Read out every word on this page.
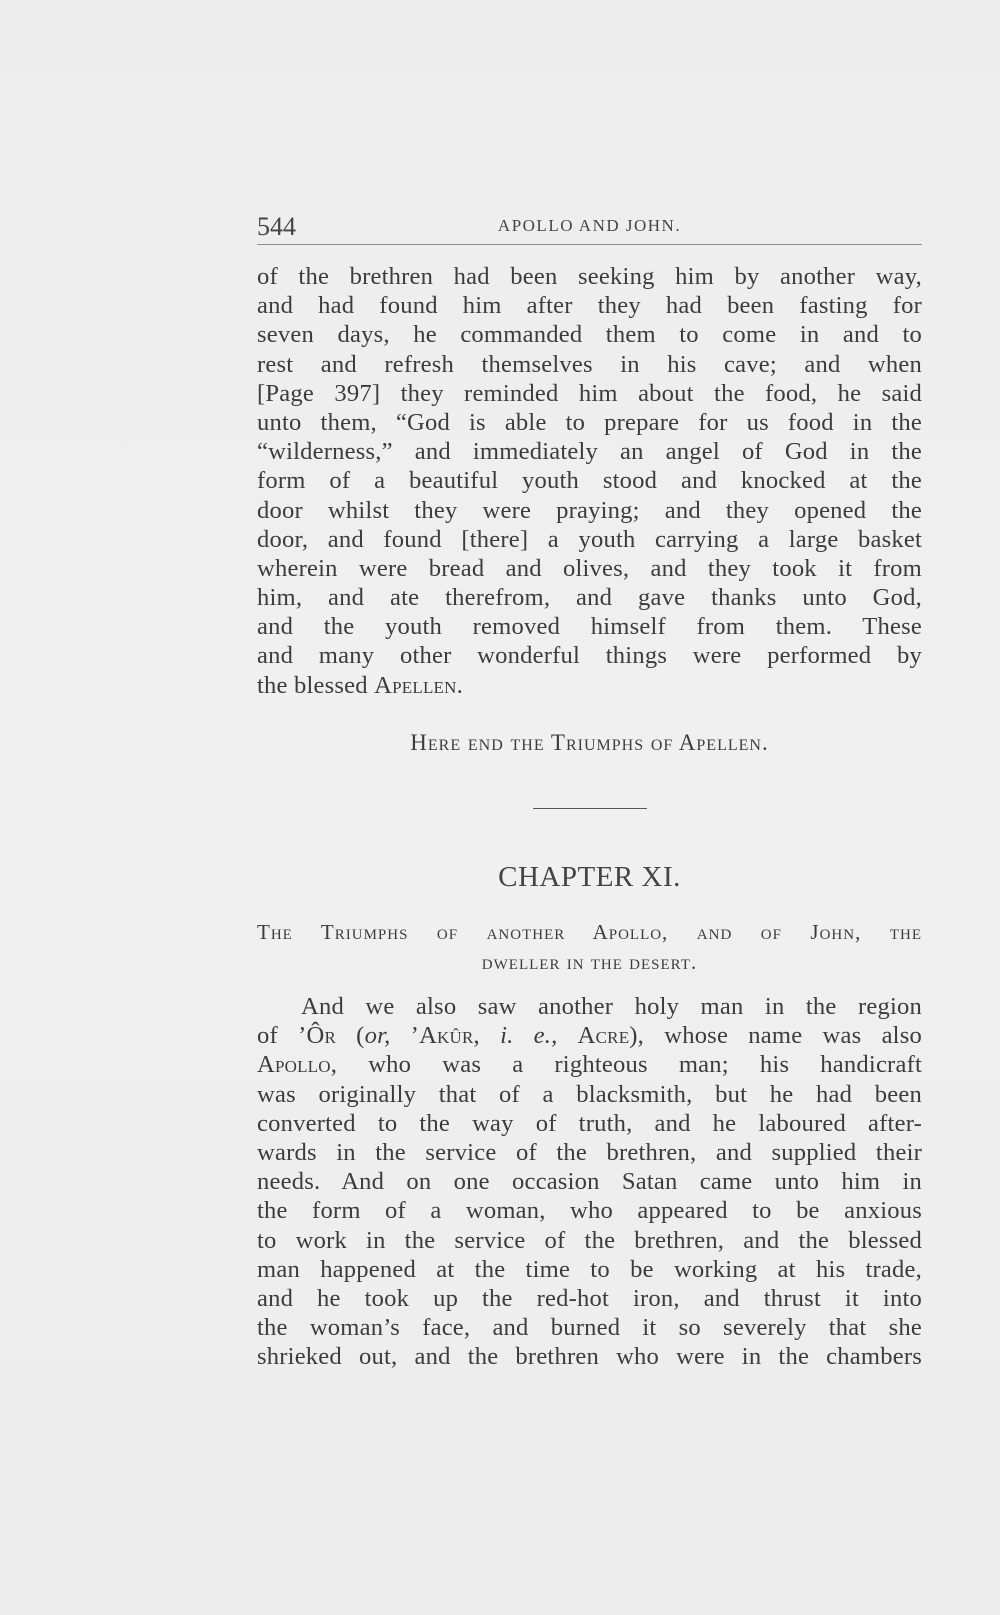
544	APOLLO AND JOHN.
of the brethren had been seeking him by another way,
and had found him after they had been fasting for
seven days, he commanded them to come in and to
rest and refresh themselves in his cave; and when
[Page 397] they reminded him about the food, he said
unto them, “God is able to prepare for us food in the
“wilderness,” and immediately an angel of God in the
form of a beautiful youth stood and knocked at the
door whilst they were praying; and they opened the
door, and found [there] a youth carrying a large basket
wherein were bread and olives, and they took it from
him, and ate therefrom, and gave thanks unto God,
and the youth removed himself from them. These
and many other wonderful things were performed by
the blessed Apellen.
Here end the Triumphs of Apellen.
CHAPTER XI.
The Triumphs of another Apollo, and of John, the
dweller in the desert.
And we also saw another holy man in the region
of ’Ôr (or, ’Akûr, i. e., Acre), whose name was also
Apollo, who was a righteous man; his handicraft
was originally that of a blacksmith, but he had been
converted to the way of truth, and he laboured after-
wards in the service of the brethren, and supplied their
needs. And on one occasion Satan came unto him in
the form of a woman, who appeared to be anxious
to work in the service of the brethren, and the blessed
man happened at the time to be working at his trade,
and he took up the red-hot iron, and thrust it into
the woman’s face, and burned it so severely that she
shrieked out, and the brethren who were in the chambers
